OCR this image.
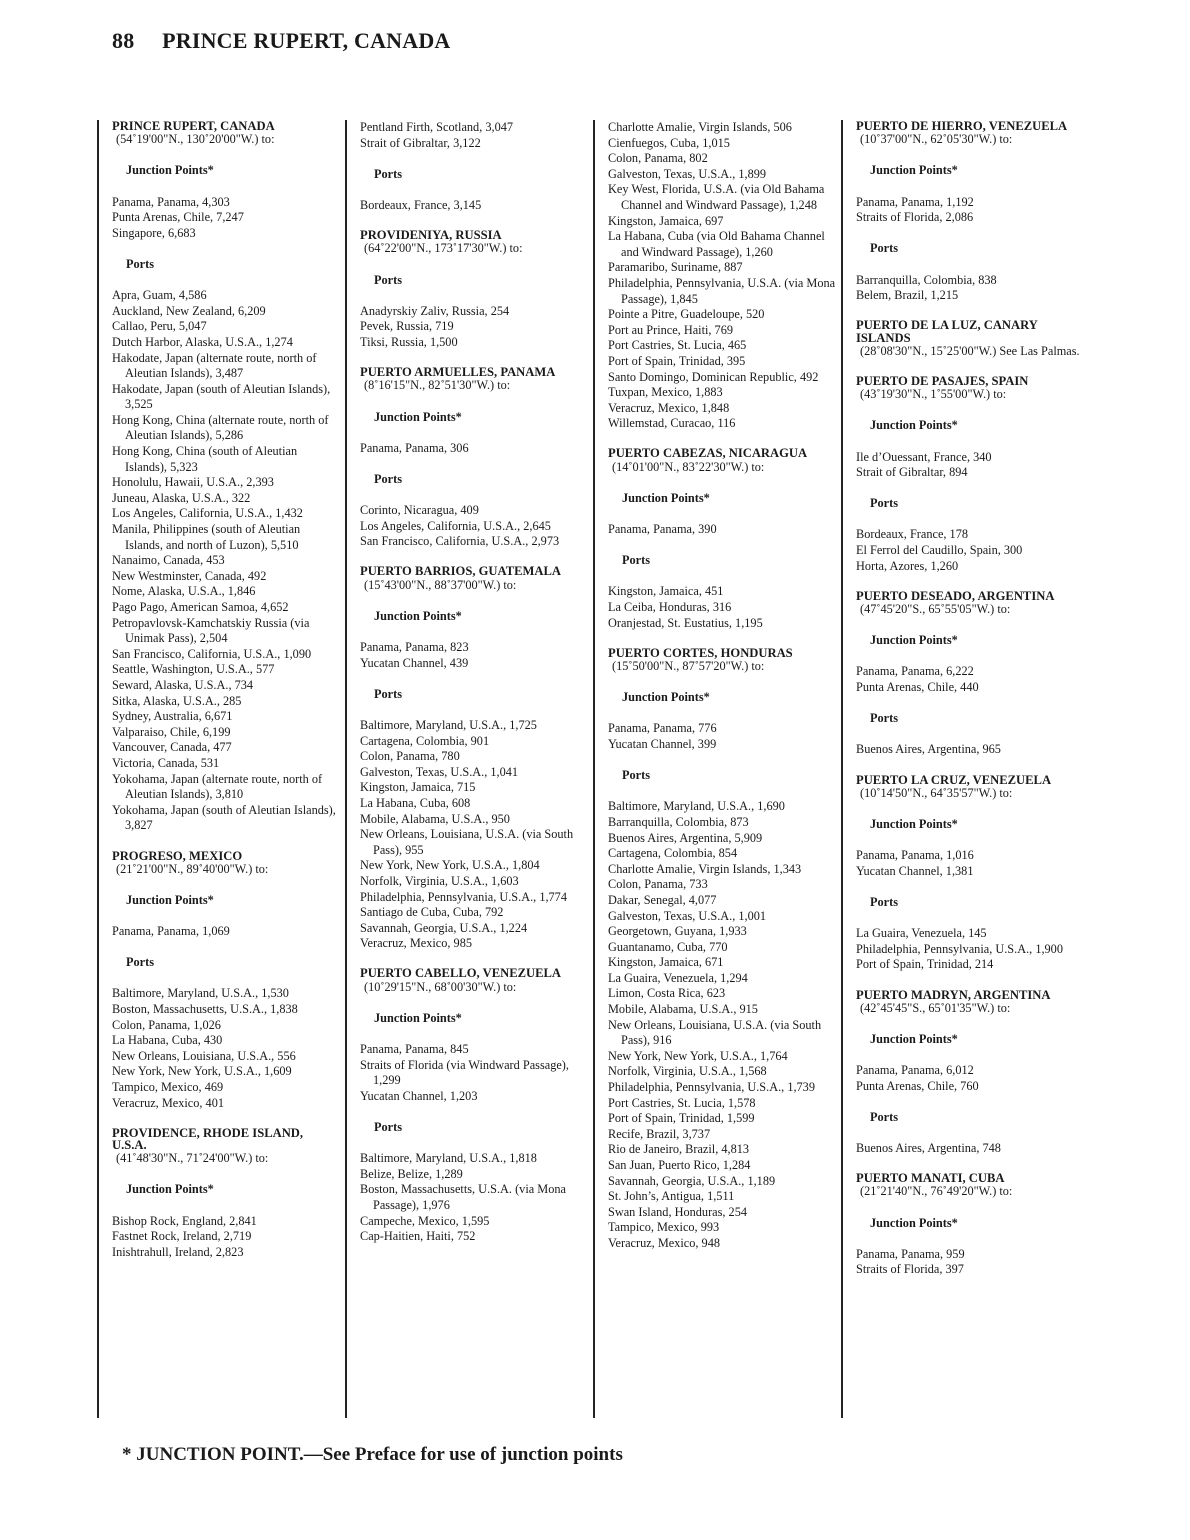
88 PRINCE RUPERT, CANADA
PRINCE RUPERT, CANADA
(54˚19'00"N., 130˚20'00"W.) to:
Junction Points*
Panama, Panama, 4,303
Punta Arenas, Chile, 7,247
Singapore, 6,683
Ports
Apra, Guam, 4,586
Auckland, New Zealand, 6,209
Callao, Peru, 5,047
Dutch Harbor, Alaska, U.S.A., 1,274
Hakodate, Japan (alternate route, north of Aleutian Islands), 3,487
Hakodate, Japan (south of Aleutian Islands), 3,525
Hong Kong, China (alternate route, north of Aleutian Islands), 5,286
Hong Kong, China (south of Aleutian Islands), 5,323
Honolulu, Hawaii, U.S.A., 2,393
Juneau, Alaska, U.S.A., 322
Los Angeles, California, U.S.A., 1,432
Manila, Philippines (south of Aleutian Islands, and north of Luzon), 5,510
Nanaimo, Canada, 453
New Westminster, Canada, 492
Nome, Alaska, U.S.A., 1,846
Pago Pago, American Samoa, 4,652
Petropavlovsk-Kamchatskiy Russia (via Unimak Pass), 2,504
San Francisco, California, U.S.A., 1,090
Seattle, Washington, U.S.A., 577
Seward, Alaska, U.S.A., 734
Sitka, Alaska, U.S.A., 285
Sydney, Australia, 6,671
Valparaiso, Chile, 6,199
Vancouver, Canada, 477
Victoria, Canada, 531
Yokohama, Japan (alternate route, north of Aleutian Islands), 3,810
Yokohama, Japan (south of Aleutian Islands), 3,827
PROGRESO, MEXICO
(21˚21'00"N., 89˚40'00"W.) to:
Junction Points*
Panama, Panama, 1,069
Ports
Baltimore, Maryland, U.S.A., 1,530
Boston, Massachusetts, U.S.A., 1,838
Colon, Panama, 1,026
La Habana, Cuba, 430
New Orleans, Louisiana, U.S.A., 556
New York, New York, U.S.A., 1,609
Tampico, Mexico, 469
Veracruz, Mexico, 401
PROVIDENCE, RHODE ISLAND, U.S.A.
(41˚48'30"N., 71˚24'00"W.) to:
Junction Points*
Bishop Rock, England, 2,841
Fastnet Rock, Ireland, 2,719
Inishtrahull, Ireland, 2,823
Pentland Firth, Scotland, 3,047
Strait of Gibraltar, 3,122
Ports
Bordeaux, France, 3,145
PROVIDENIYA, RUSSIA
(64˚22'00"N., 173˚17'30"W.) to:
Ports
Anadyrskiy Zaliv, Russia, 254
Pevek, Russia, 719
Tiksi, Russia, 1,500
PUERTO ARMUELLES, PANAMA
(8˚16'15"N., 82˚51'30"W.) to:
Junction Points*
Panama, Panama, 306
Ports
Corinto, Nicaragua, 409
Los Angeles, California, U.S.A., 2,645
San Francisco, California, U.S.A., 2,973
PUERTO BARRIOS, GUATEMALA
(15˚43'00"N., 88˚37'00"W.) to:
Junction Points*
Panama, Panama, 823
Yucatan Channel, 439
Ports
Baltimore, Maryland, U.S.A., 1,725
Cartagena, Colombia, 901
Colon, Panama, 780
Galveston, Texas, U.S.A., 1,041
Kingston, Jamaica, 715
La Habana, Cuba, 608
Mobile, Alabama, U.S.A., 950
New Orleans, Louisiana, U.S.A. (via South Pass), 955
New York, New York, U.S.A., 1,804
Norfolk, Virginia, U.S.A., 1,603
Philadelphia, Pennsylvania, U.S.A., 1,774
Santiago de Cuba, Cuba, 792
Savannah, Georgia, U.S.A., 1,224
Veracruz, Mexico, 985
PUERTO CABELLO, VENEZUELA
(10˚29'15"N., 68˚00'30"W.) to:
Junction Points*
Panama, Panama, 845
Straits of Florida (via Windward Passage), 1,299
Yucatan Channel, 1,203
Ports
Baltimore, Maryland, U.S.A., 1,818
Belize, Belize, 1,289
Boston, Massachusetts, U.S.A. (via Mona Passage), 1,976
Campeche, Mexico, 1,595
Cap-Haitien, Haiti, 752
Charlotte Amalie, Virgin Islands, 506
Cienfuegos, Cuba, 1,015
Colon, Panama, 802
Galveston, Texas, U.S.A., 1,899
Key West, Florida, U.S.A. (via Old Bahama Channel and Windward Passage), 1,248
Kingston, Jamaica, 697
La Habana, Cuba (via Old Bahama Channel and Windward Passage), 1,260
Paramaribo, Suriname, 887
Philadelphia, Pennsylvania, U.S.A. (via Mona Passage), 1,845
Pointe a Pitre, Guadeloupe, 520
Port au Prince, Haiti, 769
Port Castries, St. Lucia, 465
Port of Spain, Trinidad, 395
Santo Domingo, Dominican Republic, 492
Tuxpan, Mexico, 1,883
Veracruz, Mexico, 1,848
Willemstad, Curacao, 116
PUERTO CABEZAS, NICARAGUA
(14˚01'00"N., 83˚22'30"W.) to:
Junction Points*
Panama, Panama, 390
Ports
Kingston, Jamaica, 451
La Ceiba, Honduras, 316
Oranjestad, St. Eustatius, 1,195
PUERTO CORTES, HONDURAS
(15˚50'00"N., 87˚57'20"W.) to:
Junction Points*
Panama, Panama, 776
Yucatan Channel, 399
Ports
Baltimore, Maryland, U.S.A., 1,690
Barranquilla, Colombia, 873
Buenos Aires, Argentina, 5,909
Cartagena, Colombia, 854
Charlotte Amalie, Virgin Islands, 1,343
Colon, Panama, 733
Dakar, Senegal, 4,077
Galveston, Texas, U.S.A., 1,001
Georgetown, Guyana, 1,933
Guantanamo, Cuba, 770
Kingston, Jamaica, 671
La Guaira, Venezuela, 1,294
Limon, Costa Rica, 623
Mobile, Alabama, U.S.A., 915
New Orleans, Louisiana, U.S.A. (via South Pass), 916
New York, New York, U.S.A., 1,764
Norfolk, Virginia, U.S.A., 1,568
Philadelphia, Pennsylvania, U.S.A., 1,739
Port Castries, St. Lucia, 1,578
Port of Spain, Trinidad, 1,599
Recife, Brazil, 3,737
Rio de Janeiro, Brazil, 4,813
San Juan, Puerto Rico, 1,284
Savannah, Georgia, U.S.A., 1,189
St. John’s, Antigua, 1,511
Swan Island, Honduras, 254
Tampico, Mexico, 993
Veracruz, Mexico, 948
PUERTO DE HIERRO, VENEZUELA
(10˚37'00"N., 62˚05'30"W.) to:
Junction Points*
Panama, Panama, 1,192
Straits of Florida, 2,086
Ports
Barranquilla, Colombia, 838
Belem, Brazil, 1,215
PUERTO DE LA LUZ, CANARY ISLANDS
(28˚08'30"N., 15˚25'00"W.) See Las Palmas.
PUERTO DE PASAJES, SPAIN
(43˚19'30"N., 1˚55'00"W.) to:
Junction Points*
Ile d’Ouessant, France, 340
Strait of Gibraltar, 894
Ports
Bordeaux, France, 178
El Ferrol del Caudillo, Spain, 300
Horta, Azores, 1,260
PUERTO DESEADO, ARGENTINA
(47˚45'20"S., 65˚55'05"W.) to:
Junction Points*
Panama, Panama, 6,222
Punta Arenas, Chile, 440
Ports
Buenos Aires, Argentina, 965
PUERTO LA CRUZ, VENEZUELA
(10˚14'50"N., 64˚35'57"W.) to:
Junction Points*
Panama, Panama, 1,016
Yucatan Channel, 1,381
Ports
La Guaira, Venezuela, 145
Philadelphia, Pennsylvania, U.S.A., 1,900
Port of Spain, Trinidad, 214
PUERTO MADRYN, ARGENTINA
(42˚45'45"S., 65˚01'35"W.) to:
Junction Points*
Panama, Panama, 6,012
Punta Arenas, Chile, 760
Ports
Buenos Aires, Argentina, 748
PUERTO MANATI, CUBA
(21˚21'40"N., 76˚49'20"W.) to:
Junction Points*
Panama, Panama, 959
Straits of Florida, 397
* JUNCTION POINT.—See Preface for use of junction points
